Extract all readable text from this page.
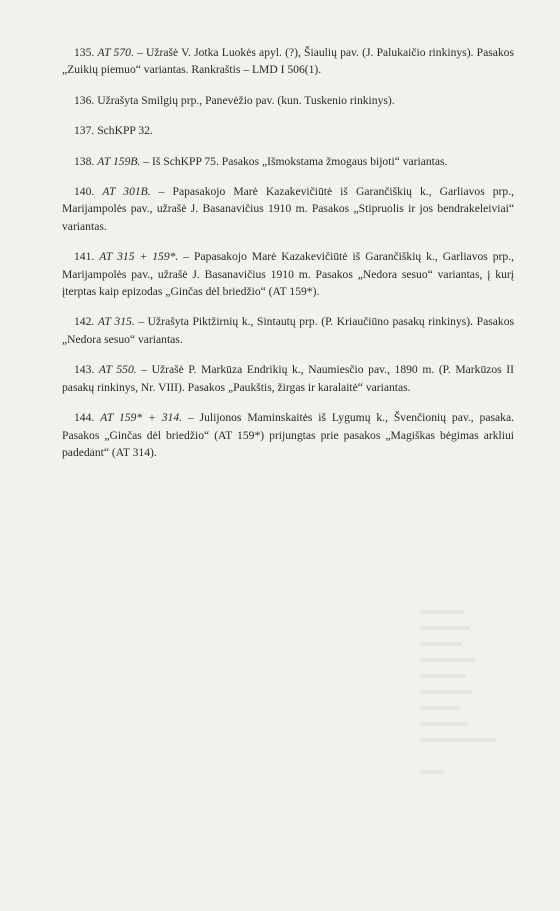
135. AT 570. – Užrašė V. Jotka Luokės apyl. (?), Šiaulių pav. (J. Palukaičio rinkinys). Pasakos „Zuikių piemuo“ variantas. Rankraštis – LMD I 506(1).

136. Užrašyta Smilgių prp., Panevėžio pav. (kun. Tuskenio rinkinys).

137. SchKPP 32.

138. AT 159B. – Iš SchKPP 75. Pasakos „Išmokstama žmogaus bijoti“ variantas.

140. AT 301B. – Papasakojo Marė Kazakevičiūtė iš Garančiškių k., Garliavos prp., Marijampolės pav., užrašė J. Basanavičius 1910 m. Pasakos „Stipruolis ir jos bendrakeleiviai“ variantas.

141. AT 315 + 159*. – Papasakojo Marė Kazakevičiūtė iš Garančiškių k., Garliavos prp., Marijampolės pav., užrašė J. Basanavičius 1910 m. Pasakos „Nedora sesuo“ variantas, į kurį įterptas kaip epizodas „Ginčas dėl briedžio“ (AT 159*).

142. AT 315. – Užrašyta Piktžirnių k., Sintautų prp. (P. Kriaučiūno pasakų rinkinys). Pasakos „Nedora sesuo“ variantas.

143. AT 550. – Užrašė P. Markūza Endrikių k., Naumiesčio pav., 1890 m. (P. Markūzos II pasakų rinkinys, Nr. VIII). Pasakos „Paukštis, žirgas ir karalaitė“ variantas.

144. AT 159* + 314. – Julijonos Maminskaitės iš Lygumų k., Švenčionių pav., pasaka. Pasakos „Ginčas dėl briedžio“ (AT 159*) prijungtas prie pasakos „Magiškas bėgimas arkliui padedant“ (AT 314).
